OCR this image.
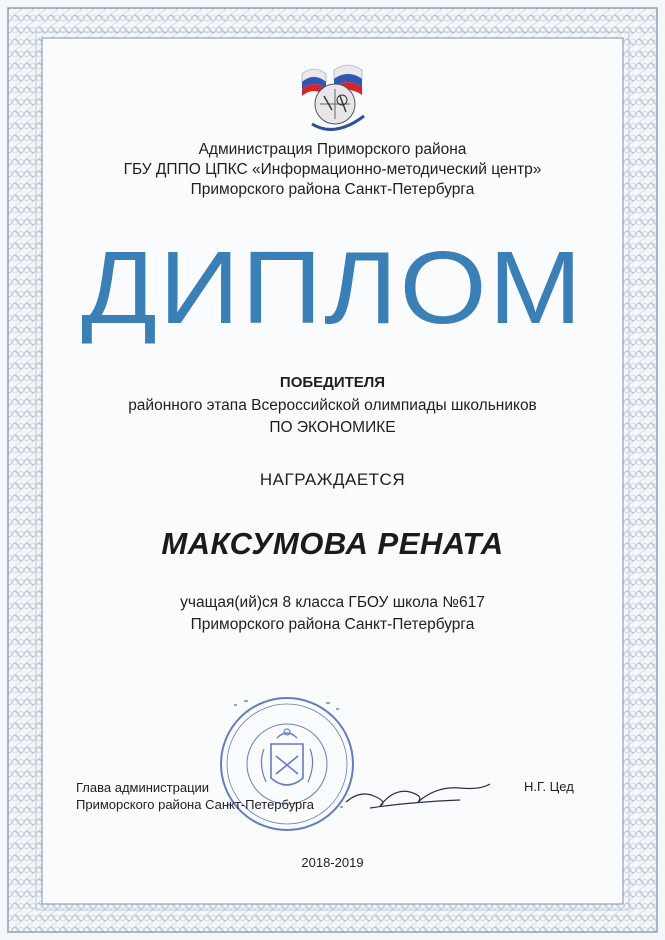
Администрация Приморского района
ГБУ ДППО ЦПКС «Информационно-методический центр»
Приморского района Санкт-Петербурга
ДИПЛОМ
ПОБЕДИТЕЛЯ
районного этапа Всероссийской олимпиады школьников
ПО ЭКОНОМИКЕ
НАГРАЖДАЕТСЯ
МАКСУМОВА РЕНАТА
учащая(ий)ся 8 класса ГБОУ школа №617
Приморского района Санкт-Петербурга
Глава администрации
Приморского района Санкт-Петербурга
Н.Г. Цед
2018-2019
